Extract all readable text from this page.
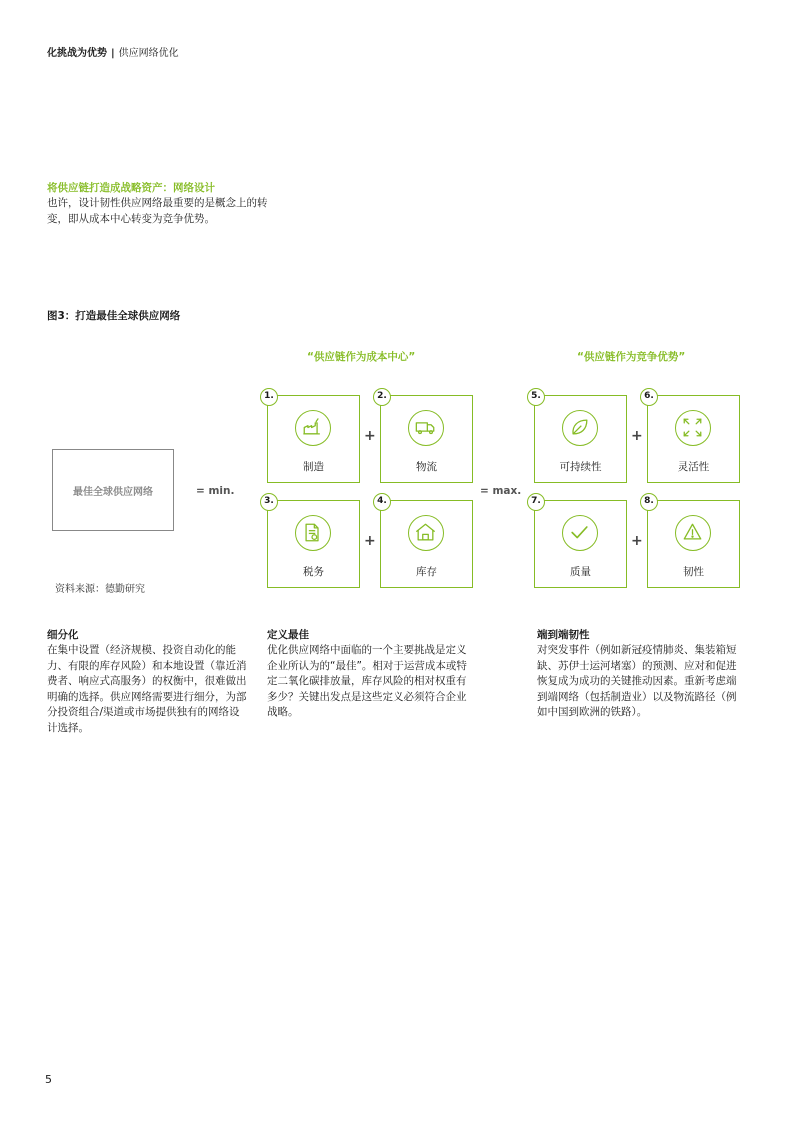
化挑战为优势 | 供应网络优化
将供应链打造成战略资产：网络设计
也许，设计韧性供应网络最重要的是概念上的转变，即从成本中心转变为竞争优势。
图3：打造最佳全球供应网络
“供应链作为成本中心”	“供应链作为竞争优势”
最佳全球供应网络	= min.	= max.
+
+
+
+
1.
制造
2.
物流
3.
税务
4.
库存
5.
可持续性
6.
灵活性
7.
质量
8.
韧性
资料来源：德勤研究
细分化
在集中设置（经济规模、投资自动化的能力、有限的库存风险）和本地设置（靠近消费者、响应式高服务）的权衡中，很难做出明确的选择。供应网络需要进行细分，为部分投资组合/渠道或市场提供独有的网络设计选择。
定义最佳
优化供应网络中面临的一个主要挑战是定义企业所认为的“最佳”。相对于运营成本或特定二氧化碳排放量，库存风险的相对权重有多少？关键出发点是这些定义必须符合企业战略。
端到端韧性
对突发事件（例如新冠疫情肺炎、集装箱短缺、苏伊士运河堵塞）的预测、应对和促进恢复成为成功的关键推动因素。重新考虑端到端网络（包括制造业）以及物流路径（例如中国到欧洲的铁路）。
5
